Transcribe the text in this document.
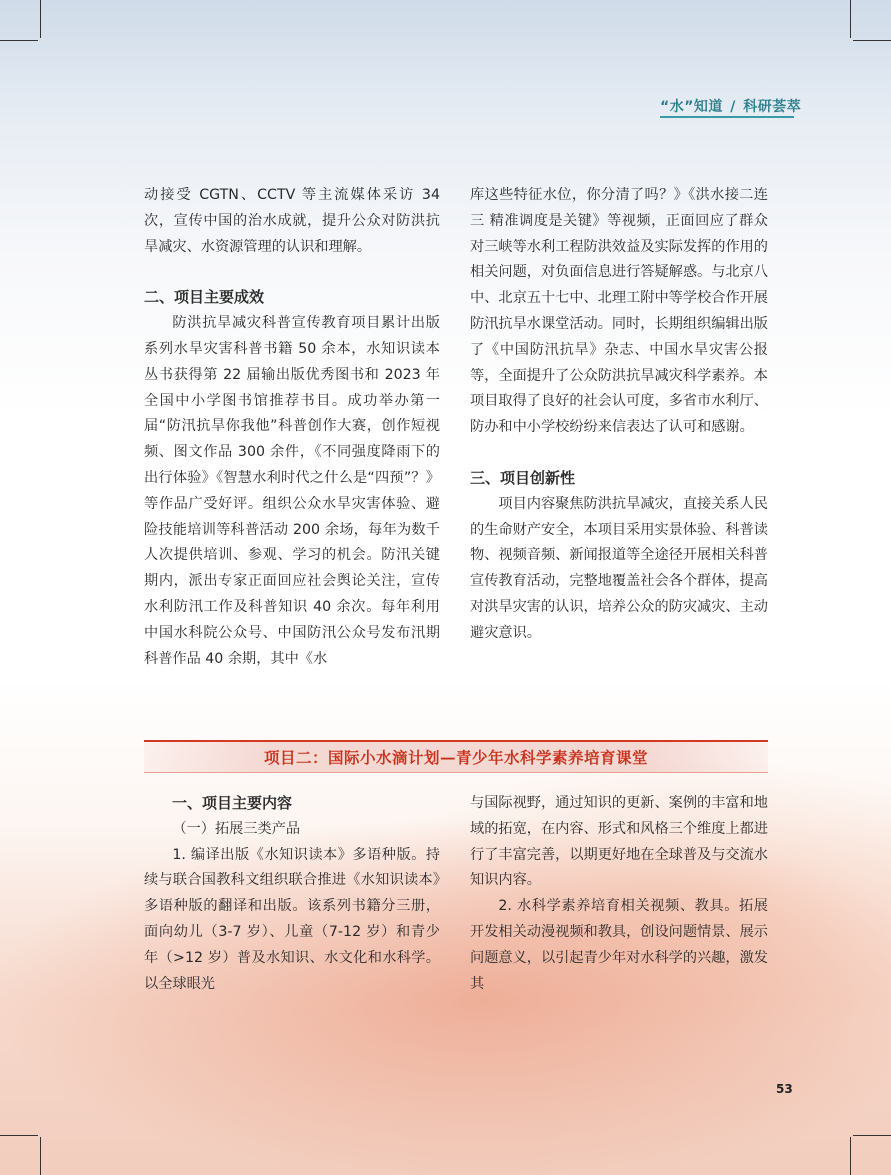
“水”知道 / 科研荟萃

动接受 CGTN、CCTV 等主流媒体采访 34 次，宣传中国的治水成就，提升公众对防洪抗旱减灾、水资源管理的认识和理解。

二、项目主要成效

防洪抗旱减灾科普宣传教育项目累计出版系列水旱灾害科普书籍 50 余本，水知识读本丛书获得第 22 届输出版优秀图书和 2023 年全国中小学图书馆推荐书目。成功举办第一届“防汛抗旱你我他”科普创作大赛，创作短视频、图文作品 300 余件，《不同强度降雨下的出行体验》《智慧水利时代之什么是“四预”？》等作品广受好评。组织公众水旱灾害体验、避险技能培训等科普活动 200 余场，每年为数千人次提供培训、参观、学习的机会。防汛关键期内，派出专家正面回应社会舆论关注，宣传水利防汛工作及科普知识 40 余次。每年利用中国水科院公众号、中国防汛公众号发布汛期科普作品 40 余期，其中《水

库这些特征水位，你分清了吗？》《洪水接二连三 精准调度是关键》等视频，正面回应了群众对三峡等水利工程防洪效益及实际发挥的作用的相关问题，对负面信息进行答疑解惑。与北京八中、北京五十七中、北理工附中等学校合作开展防汛抗旱水课堂活动。同时，长期组织编辑出版了《中国防汛抗旱》杂志、中国水旱灾害公报等，全面提升了公众防洪抗旱减灾科学素养。本项目取得了良好的社会认可度，多省市水利厅、防办和中小学校纷纷来信表达了认可和感谢。

三、项目创新性

项目内容聚焦防洪抗旱减灾，直接关系人民的生命财产安全，本项目采用实景体验、科普读物、视频音频、新闻报道等全途径开展相关科普宣传教育活动，完整地覆盖社会各个群体，提高对洪旱灾害的认识，培养公众的防灾减灾、主动避灾意识。

项目二：国际小水滴计划—青少年水科学素养培育课堂
一、项目主要内容

（一）拓展三类产品

1. 编译出版《水知识读本》多语种版。持续与联合国教科文组织联合推进《水知识读本》多语种版的翻译和出版。该系列书籍分三册，面向幼儿（3-7 岁）、儿童（7-12 岁）和青少年（>12 岁）普及水知识、水文化和水科学。以全球眼光

与国际视野，通过知识的更新、案例的丰富和地域的拓宽，在内容、形式和风格三个维度上都进行了丰富完善，以期更好地在全球普及与交流水知识内容。

2. 水科学素养培育相关视频、教具。拓展开发相关动漫视频和教具，创设问题情景、展示问题意义，以引起青少年对水科学的兴趣，激发其

53
